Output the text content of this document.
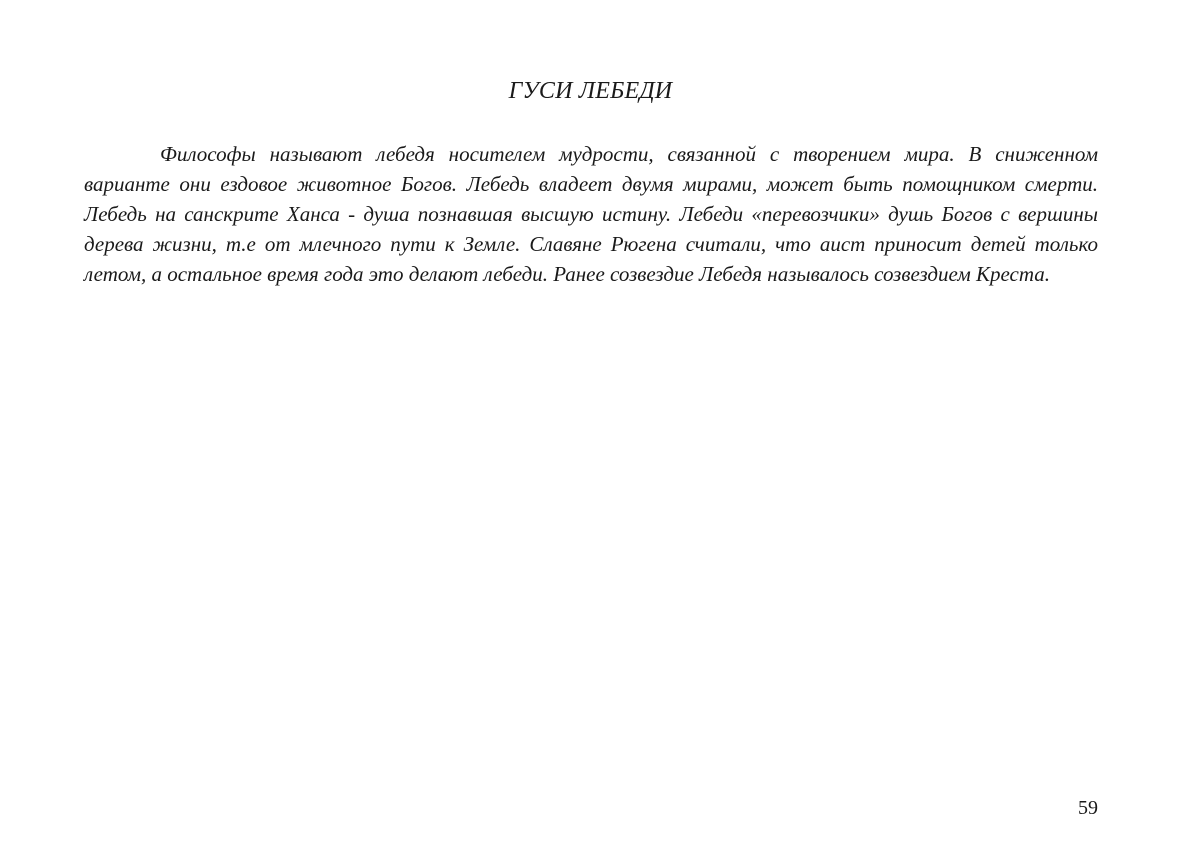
ГУСИ ЛЕБЕДИ

Философы называют лебедя носителем мудрости, связанной с творением мира. В сниженном варианте они ездовое животное Богов. Лебедь владеет двумя мирами, может быть помощником смерти. Лебедь на санскрите Ханса - душа познавшая высшую истину. Лебеди «перевозчики» душь Богов с вершины дерева жизни, т.е от млечного пути к Земле. Славяне Рюгена считали, что аист приносит детей только летом, а остальное время года это делают лебеди. Ранее созвездие Лебедя называлось созвездием Креста.

59
